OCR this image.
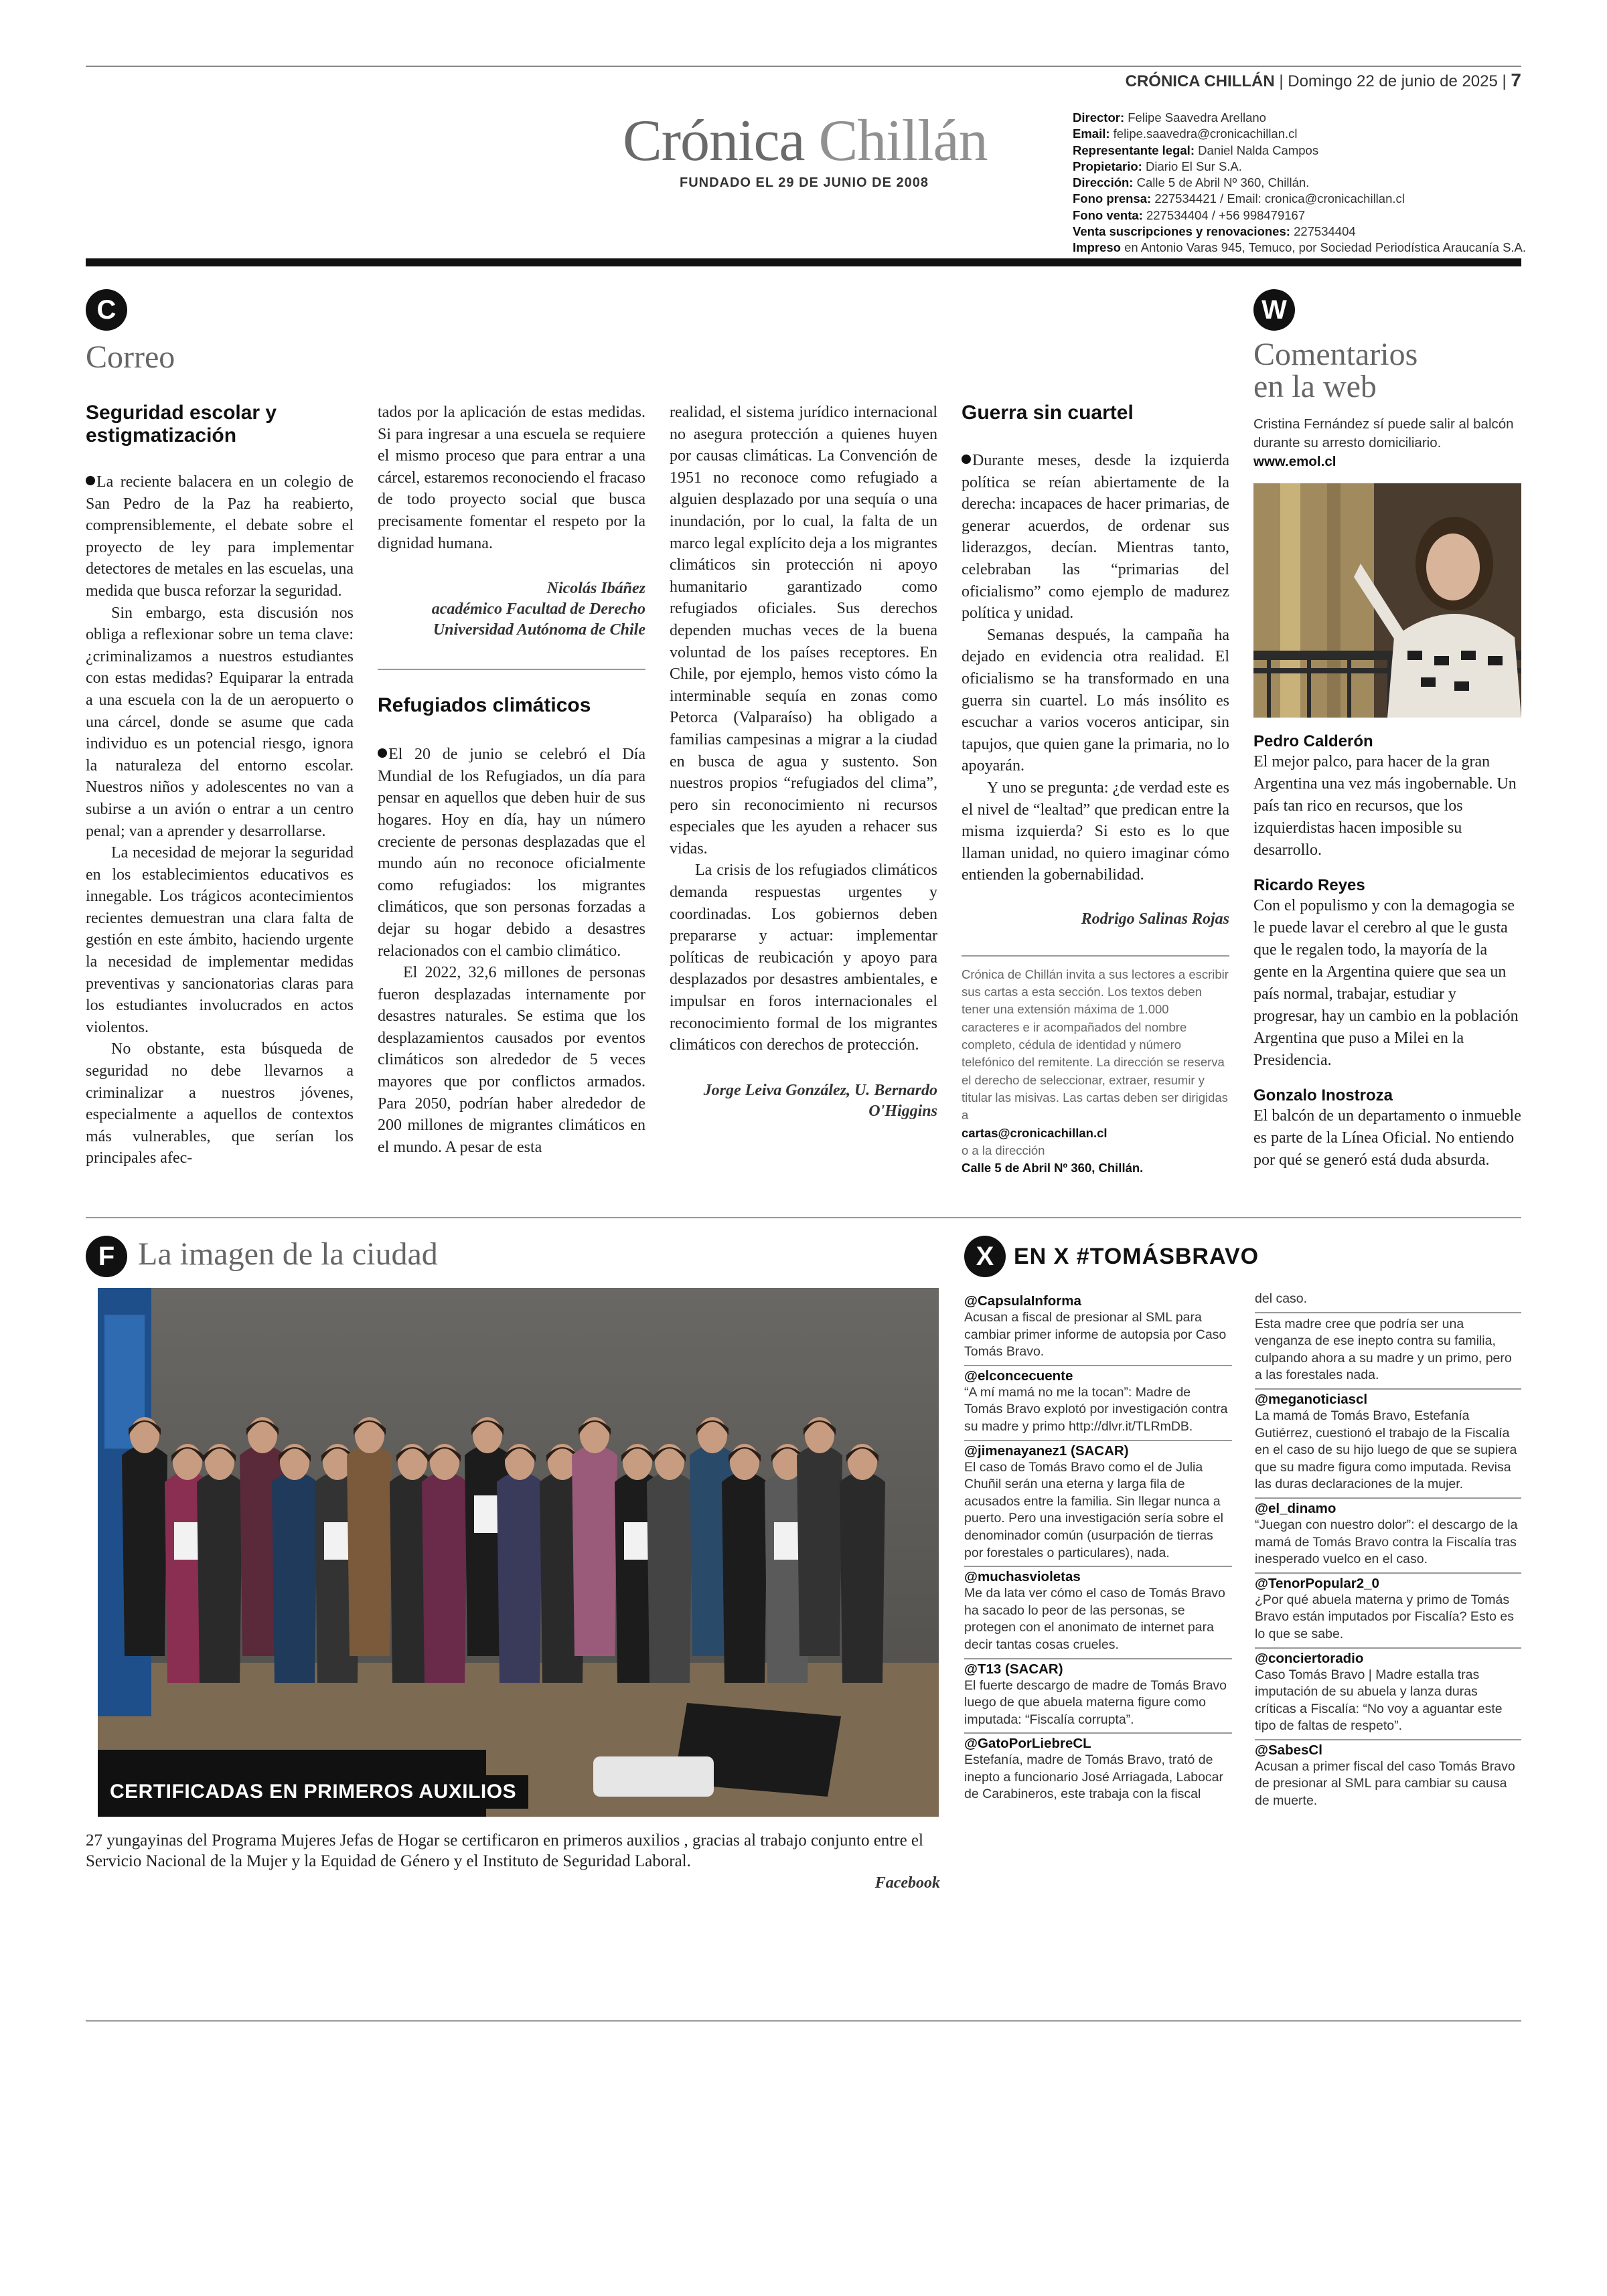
CRÓNICA CHILLÁN | Domingo 22 de junio de 2025 | 7
Crónica Chillán
FUNDADO EL 29 DE JUNIO DE 2008
Director: Felipe Saavedra Arellano
Email: felipe.saavedra@cronicachillan.cl
Representante legal: Daniel Nalda Campos
Propietario: Diario El Sur S.A.
Dirección: Calle 5 de Abril Nº 360, Chillán.
Fono prensa: 227534421 / Email: cronica@cronicachillan.cl
Fono venta: 227534404 / +56 998479167
Venta suscripciones y renovaciones: 227534404
Impreso en Antonio Varas 945, Temuco, por Sociedad Periodística Araucanía S.A.
C
Correo
Seguridad escolar y
estigmatización

La reciente balacera en un colegio de San Pedro de la Paz ha reabierto, comprensiblemente, el debate sobre el proyecto de ley para implementar detectores de metales en las escuelas, una medida que busca reforzar la seguridad.

Sin embargo, esta discusión nos obliga a reflexionar sobre un tema clave: ¿criminalizamos a nuestros estudiantes con estas medidas? Equiparar la entrada a una escuela con la de un aeropuerto o una cárcel, donde se asume que cada individuo es un potencial riesgo, ignora la naturaleza del entorno escolar. Nuestros niños y adolescentes no van a subirse a un avión o entrar a un centro penal; van a aprender y desarrollarse.

La necesidad de mejorar la seguridad en los establecimientos educativos es innegable. Los trágicos acontecimientos recientes demuestran una clara falta de gestión en este ámbito, haciendo urgente la necesidad de implementar medidas preventivas y sancionatorias claras para los estudiantes involucrados en actos violentos.

No obstante, esta búsqueda de seguridad no debe llevarnos a criminalizar a nuestros jóvenes, especialmente a aquellos de contextos más vulnerables, que serían los principales afec-

tados por la aplicación de estas medidas. Si para ingresar a una escuela se requiere el mismo proceso que para entrar a una cárcel, estaremos reconociendo el fracaso de todo proyecto social que busca precisamente fomentar el respeto por la dignidad humana.

Nicolás Ibáñez
académico Facultad de Derecho
Universidad Autónoma de Chile
Refugiados climáticos

El 20 de junio se celebró el Día Mundial de los Refugiados, un día para pensar en aquellos que deben huir de sus hogares. Hoy en día, hay un número creciente de personas desplazadas que el mundo aún no reconoce oficialmente como refugiados: los migrantes climáticos, que son personas forzadas a dejar su hogar debido a desastres relacionados con el cambio climático.

El 2022, 32,6 millones de personas fueron desplazadas internamente por desastres naturales. Se estima que los desplazamientos causados por eventos climáticos son alrededor de 5 veces mayores que por conflictos armados. Para 2050, podrían haber alrededor de 200 millones de migrantes climáticos en el mundo. A pesar de esta

realidad, el sistema jurídico internacional no asegura protección a quienes huyen por causas climáticas. La Convención de 1951 no reconoce como refugiado a alguien desplazado por una sequía o una inundación, por lo cual, la falta de un marco legal explícito deja a los migrantes climáticos sin protección ni apoyo humanitario garantizado como refugiados oficiales. Sus derechos dependen muchas veces de la buena voluntad de los países receptores. En Chile, por ejemplo, hemos visto cómo la interminable sequía en zonas como Petorca (Valparaíso) ha obligado a familias campesinas a migrar a la ciudad en busca de agua y sustento. Son nuestros propios “refugiados del clima”, pero sin reconocimiento ni recursos especiales que les ayuden a rehacer sus vidas.

La crisis de los refugiados climáticos demanda respuestas urgentes y coordinadas. Los gobiernos deben prepararse y actuar: implementar políticas de reubicación y apoyo para desplazados por desastres ambientales, e impulsar en foros internacionales el reconocimiento formal de los migrantes climáticos con derechos de protección.

Jorge Leiva González, U. Bernardo
O'Higgins
Guerra sin cuartel

Durante meses, desde la izquierda política se reían abiertamente de la derecha: incapaces de hacer primarias, de generar acuerdos, de ordenar sus liderazgos, decían. Mientras tanto, celebraban las “primarias del oficialismo” como ejemplo de madurez política y unidad.

Semanas después, la campaña ha dejado en evidencia otra realidad. El oficialismo se ha transformado en una guerra sin cuartel. Lo más insólito es escuchar a varios voceros anticipar, sin tapujos, que quien gane la primaria, no lo apoyarán.

Y uno se pregunta: ¿de verdad este es el nivel de “lealtad” que predican entre la misma izquierda? Si esto es lo que llaman unidad, no quiero imaginar cómo entienden la gobernabilidad.

Rodrigo Salinas Rojas
Crónica de Chillán invita a sus lectores a escribir sus cartas a esta sección. Los textos deben tener una extensión máxima de 1.000 caracteres e ir acompañados del nombre completo, cédula de identidad y número telefónico del remitente. La dirección se reserva el derecho de seleccionar, extraer, resumir y titular las misivas. Las cartas deben ser dirigidas a
cartas@cronicachillan.cl
o a la dirección
Calle 5 de Abril Nº 360, Chillán.
W
Comentarios
en la web
Cristina Fernández sí puede salir al balcón durante su arresto domiciliario.
www.emol.cl
Pedro Calderón
El mejor palco, para hacer de la gran Argentina una vez más ingobernable. Un país tan rico en recursos, que los izquierdistas hacen imposible su desarrollo.
Ricardo Reyes
Con el populismo y con la demagogia se le puede lavar el cerebro al que le gusta que le regalen todo, la mayoría de la gente en la Argentina quiere que sea un país normal, trabajar, estudiar y progresar, hay un cambio en la población Argentina que puso a Milei en la Presidencia.
Gonzalo Inostroza
El balcón de un departamento o inmueble es parte de la Línea Oficial. No entiendo por qué se generó está duda absurda.
F La imagen de la ciudad
CERTIFICADAS EN PRIMEROS AUXILIOS
27 yungayinas del Programa Mujeres Jefas de Hogar se certificaron en primeros auxilios , gracias al trabajo conjunto entre el Servicio Nacional de la Mujer y la Equidad de Género y el Instituto de Seguridad Laboral.
Facebook
X EN X #TOMÁSBRAVO
@CapsulaInforma
Acusan a fiscal de presionar al SML para cambiar primer informe de autopsia por Caso Tomás Bravo.
@elconcecuente
“A mí mamá no me la tocan”: Madre de Tomás Bravo explotó por investigación contra su madre y primo http://dlvr.it/TLRmDB.
@jimenayanez1 (SACAR)
El caso de Tomás Bravo como el de Julia Chuñil serán una eterna y larga fila de acusados entre la familia. Sin llegar nunca a puerto. Pero una investigación sería sobre el denominador común (usurpación de tierras por forestales o particulares), nada.
@muchasvioletas
Me da lata ver cómo el caso de Tomás Bravo ha sacado lo peor de las personas, se protegen con el anonimato de internet para decir tantas cosas crueles.
@T13 (SACAR)
El fuerte descargo de madre de Tomás Bravo luego de que abuela materna figure como imputada: “Fiscalía corrupta”.
@GatoPorLiebreCL
Estefanía, madre de Tomás Bravo, trató de inepto a funcionario José Arriagada, Labocar de Carabineros, este trabaja con la fiscal
del caso.
Esta madre cree que podría ser una venganza de ese inepto contra su familia, culpando ahora a su madre y un primo, pero a las forestales nada.
@meganoticiascl
La mamá de Tomás Bravo, Estefanía Gutiérrez, cuestionó el trabajo de la Fiscalía en el caso de su hijo luego de que se supiera que su madre figura como imputada. Revisa las duras declaraciones de la mujer.
@el_dinamo
“Juegan con nuestro dolor”: el descargo de la mamá de Tomás Bravo contra la Fiscalía tras inesperado vuelco en el caso.
@TenorPopular2_0
¿Por qué abuela materna y primo de Tomás Bravo están imputados por Fiscalía? Esto es lo que se sabe.
@conciertoradio
Caso Tomás Bravo | Madre estalla tras imputación de su abuela y lanza duras críticas a Fiscalía: “No voy a aguantar este tipo de faltas de respeto”.
@SabesCl
Acusan a primer fiscal del caso Tomás Bravo de presionar al SML para cambiar su causa de muerte.
